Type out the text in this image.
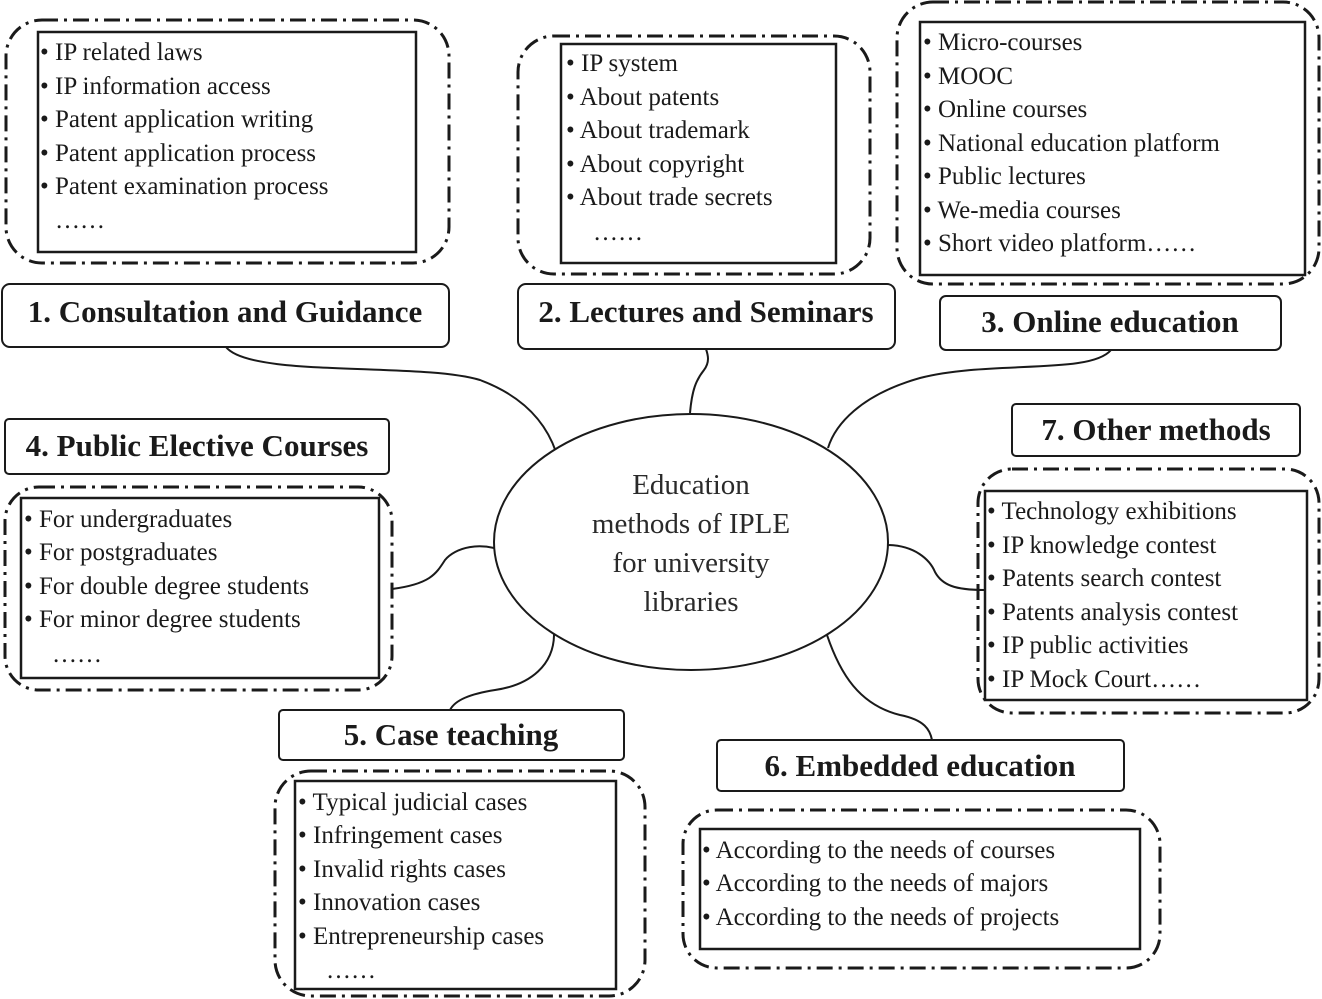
Education
methods of IPLE
for university
libraries
• IP related laws
• IP information access
• Patent application writing
• Patent application process
• Patent examination process
……
1. Consultation and Guidance
• IP system
• About patents
• About trademark
• About copyright
• About trade secrets
……
2. Lectures and Seminars
• Micro-courses
• MOOC
• Online courses
• National education platform
• Public lectures
• We-media courses
• Short video platform……
3. Online education
4. Public Elective Courses
• For undergraduates
• For postgraduates
• For double degree students
• For minor degree students
……
5. Case teaching
• Typical judicial cases
• Infringement cases
• Invalid rights cases
• Innovation cases
• Entrepreneurship cases
……
6. Embedded education
• According to the needs of courses
• According to the needs of majors
• According to the needs of projects
7. Other methods
• Technology exhibitions
• IP knowledge contest
• Patents search contest
• Patents analysis contest
• IP public activities
• IP Mock Court……
